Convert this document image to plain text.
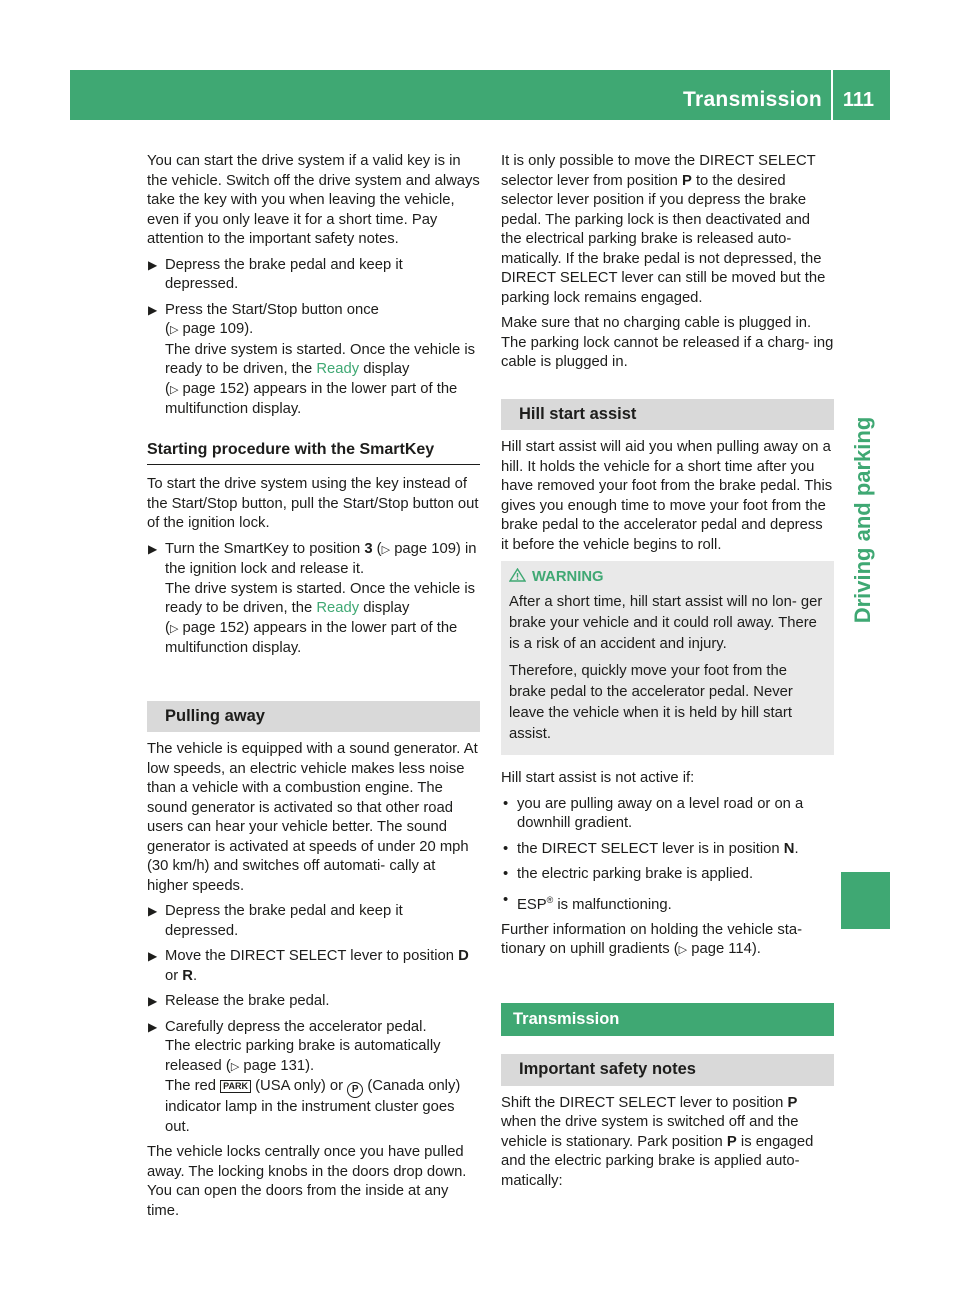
Transmission 111
Driving and parking

You can start the drive system if a valid key is in the vehicle. Switch off the drive system and always take the key with you when leaving the vehicle, even if you only leave it for a short time. Pay attention to the important safety notes.

▶ Depress the brake pedal and keep it depressed.
▶ Press the Start/Stop button once
(▷ page 109).
The drive system is started. Once the vehicle is ready to be driven, the Ready display
(▷ page 152) appears in the lower part of the multifunction display.
Starting procedure with the SmartKey

To start the drive system using the key instead of the Start/Stop button, pull the Start/Stop button out of the ignition lock.

▶ Turn the SmartKey to position 3 (▷ page 109) in the ignition lock and release it.
The drive system is started. Once the vehicle is ready to be driven, the Ready display
(▷ page 152) appears in the lower part of the multifunction display.
Pulling away

The vehicle is equipped with a sound generator. At low speeds, an electric vehicle makes less noise than a vehicle with a combustion engine. The sound generator is activated so that other road users can hear your vehicle better. The sound generator is activated at speeds of under 20 mph (30 km/h) and switches off automati- cally at higher speeds.

▶ Depress the brake pedal and keep it depressed.
▶ Move the DIRECT SELECT lever to position D or R.
▶ Release the brake pedal.
▶ Carefully depress the accelerator pedal.
The electric parking brake is automatically released (▷ page 131).
The red PARK (USA only) or P (Canada only) indicator lamp in the instrument cluster goes out.

The vehicle locks centrally once you have pulled away. The locking knobs in the doors drop down. You can open the doors from the inside at any time.

It is only possible to move the DIRECT SELECT selector lever from position P to the desired selector lever position if you depress the brake pedal. The parking lock is then deactivated and the electrical parking brake is released auto- matically. If the brake pedal is not depressed, the DIRECT SELECT lever can still be moved but the parking lock remains engaged.

Make sure that no charging cable is plugged in. The parking lock cannot be released if a charg- ing cable is plugged in.

Hill start assist

Hill start assist will aid you when pulling away on a hill. It holds the vehicle for a short time after you have removed your foot from the brake pedal. This gives you enough time to move your foot from the brake pedal to the accelerator pedal and depress it before the vehicle begins to roll.

WARNING

After a short time, hill start assist will no lon- ger brake your vehicle and it could roll away. There is a risk of an accident and injury.

Therefore, quickly move your foot from the brake pedal to the accelerator pedal. Never leave the vehicle when it is held by hill start assist.

Hill start assist is not active if:

• you are pulling away on a level road or on a downhill gradient.
• the DIRECT SELECT lever is in position N.
• the electric parking brake is applied.
• ESP® is malfunctioning.

Further information on holding the vehicle sta- tionary on uphill gradients (▷ page 114).

Transmission
Important safety notes

Shift the DIRECT SELECT lever to position P when the drive system is switched off and the vehicle is stationary. Park position P is engaged and the electric parking brake is applied auto- matically:
